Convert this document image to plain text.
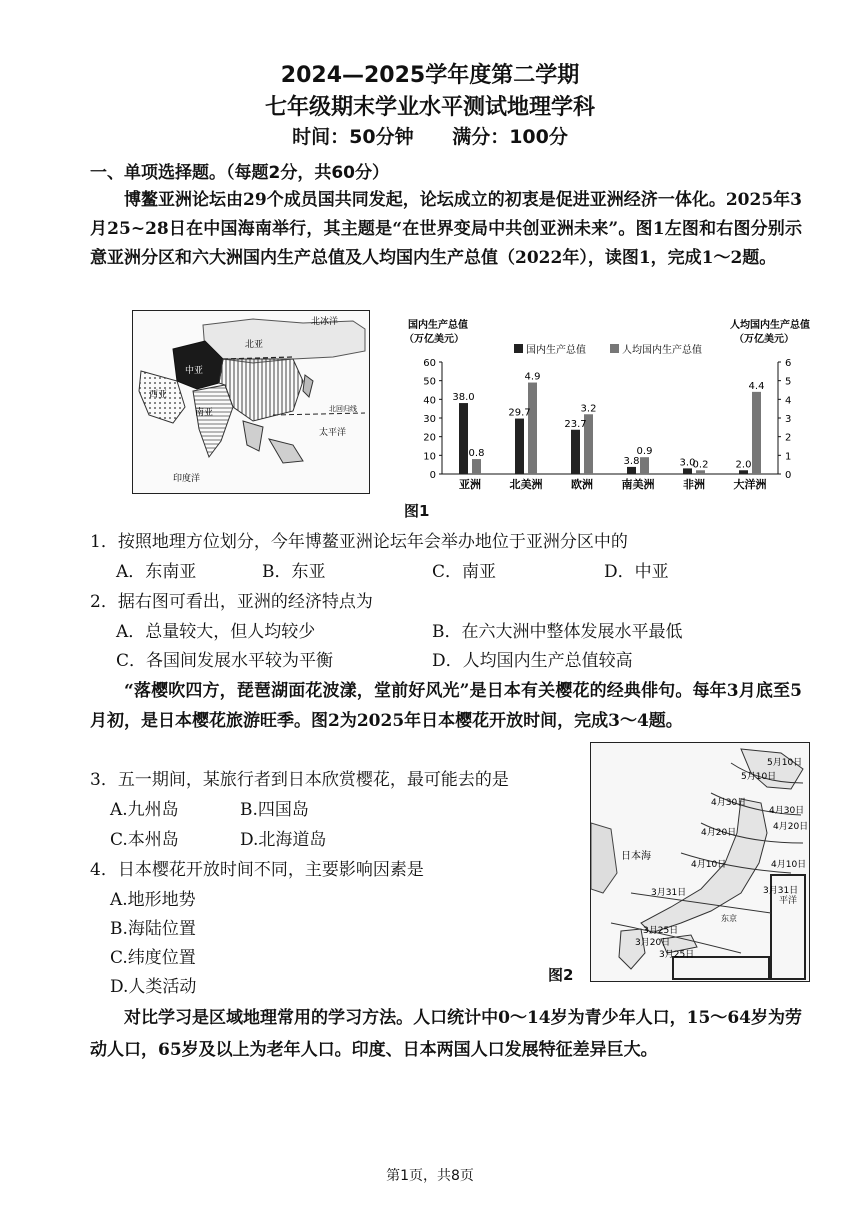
2024—2025学年度第二学期
七年级期末学业水平测试地理学科
时间：50分钟 满分：100分
一、单项选择题。（每题2分，共60分）
博鳌亚洲论坛由29个成员国共同发起，论坛成立的初衷是促进亚洲经济一体化。2025年3月25~28日在中国海南举行，其主题是“在世界变局中共创亚洲未来”。图1左图和右图分别示意亚洲分区和六大洲国内生产总值及人均国内生产总值（2022年），读图1，完成1～2题。
北冰洋
北亚
中亚
西亚
南亚	北回归线
太平洋
印度洋
国内生产总值
（万亿美元）
人均国内生产总值
（万亿美元）
国内生产总值	人均国内生产总值
0
10
20
30
40
50
60
0
1
2
3
4
5
6
38.0
0.8
亚洲
29.7
4.9
北美洲
23.7
3.2
欧洲
3.8
0.9
南美洲
3.0
0.2
非洲
2.0
4.4
大洋洲
图1
1．按照地理方位划分，今年博鳌亚洲论坛年会举办地位于亚洲分区中的
A．东南亚	B．东亚	C．南亚	D．中亚
2．据右图可看出，亚洲的经济特点为
A．总量较大，但人均较少	B．在六大洲中整体发展水平最低
C．各国间发展水平较为平衡	D．人均国内生产总值较高
“落樱吹四方，琵琶湖面花波漾，堂前好风光”是日本有关樱花的经典俳句。每年3月底至5月初，是日本樱花旅游旺季。图2为2025年日本樱花开放时间，完成3～4题。
3．五一期间，某旅行者到日本欣赏樱花，最可能去的是
A.九州岛	B.四国岛
C.本州岛	D.北海道岛
4．日本樱花开放时间不同，主要影响因素是
A.地形地势
B.海陆位置
C.纬度位置
D.人类活动
5月10日
5月10日
4月30日
4月30日
4月20日
4月20日
4月10日	4月10日
3月31日	3月31日
3月25日
3月20日
3月25日
日本海
东京
平洋
图2
对比学习是区域地理常用的学习方法。人口统计中0～14岁为青少年人口，15～64岁为劳动人口，65岁及以上为老年人口。印度、日本两国人口发展特征差异巨大。
第1页，共8页
